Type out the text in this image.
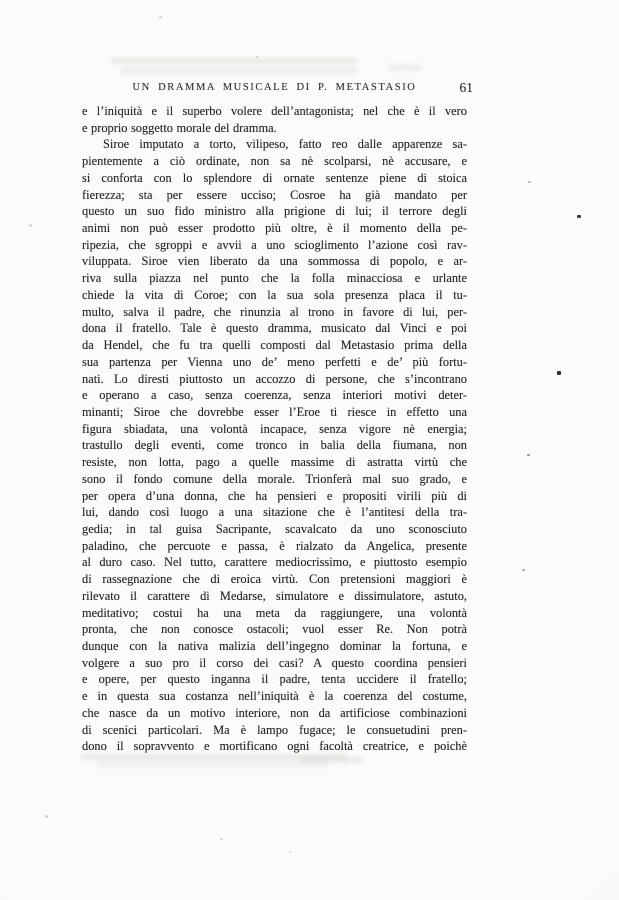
UN DRAMMA MUSICALE DI P. METASTASIO	61
e l’iniquità e il superbo volere dell’antagonista; nel che è il vero
e proprio soggetto morale del dramma.
Siroe imputato a torto, vilipeso, fatto reo dalle apparenze sa-
pientemente a ciò ordinate, non sa nè scolparsi, nè accusare, e
si conforta con lo splendore di ornate sentenze piene di stoica
fierezza; sta per essere ucciso; Cosroe ha già mandato per
questo un suo fido ministro alla prigione di lui; il terrore degli
animi non può esser prodotto più oltre, è il momento della pe-
ripezia, che sgroppi e avvii a uno scioglimento l’azione così rav-
viluppata. Siroe vien liberato da una sommossa di popolo, e ar-
riva sulla piazza nel punto che la folla minacciosa e urlante
chiede la vita di Coroe; con la sua sola presenza placa il tu-
multo, salva il padre, che rinunzia al trono in favore di lui, per-
dona il fratello. Tale è questo dramma, musicato dal Vinci e poi
da Hendel, che fu tra quelli composti dal Metastasio prima della
sua partenza per Vienna uno de’ meno perfetti e de’ più fortu-
nati. Lo diresti piuttosto un accozzo di persone, che s’incontrano
e operano a caso, senza coerenza, senza interiori motivi deter-
minanti; Siroe che dovrebbe esser l’Eroe ti riesce in effetto una
figura sbiadata, una volontà incapace, senza vigore nè energia;
trastullo degli eventi, come tronco in balia della fiumana, non
resiste, non lotta, pago a quelle massime di astratta virtù che
sono il fondo comune della morale. Trionferà mal suo grado, e
per opera d’una donna, che ha pensieri e propositi virili più di
lui, dando così luogo a una sitazione che è l’antitesi della tra-
gedia; in tal guisa Sacripante, scavalcato da uno sconosciuto
paladino, che percuote e passa, è rialzato da Angelica, presente
al duro caso. Nel tutto, carattere mediocrissimo, e piuttosto esempio
di rassegnazione che di eroica virtù. Con pretensioni maggiori è
rilevato il carattere di Medarse, simulatore e dissimulatore, astuto,
meditativo; costui ha una meta da raggiungere, una volontà
pronta, che non conosce ostacoli; vuol esser Re. Non potrà
dunque con la nativa malizia dell’ingegno dominar la fortuna, e
volgere a suo pro il corso dei casi? A questo coordina pensieri
e opere, per questo inganna il padre, tenta uccidere il fratello;
e in questa sua costanza nell’iniquità è la coerenza del costume,
che nasce da un motivo interiore, non da artificiose combinazioni
di scenici particolari. Ma è lampo fugace; le consuetudini pren-
dono il sopravvento e mortificano ogni facoltà creatrice, e poichè
